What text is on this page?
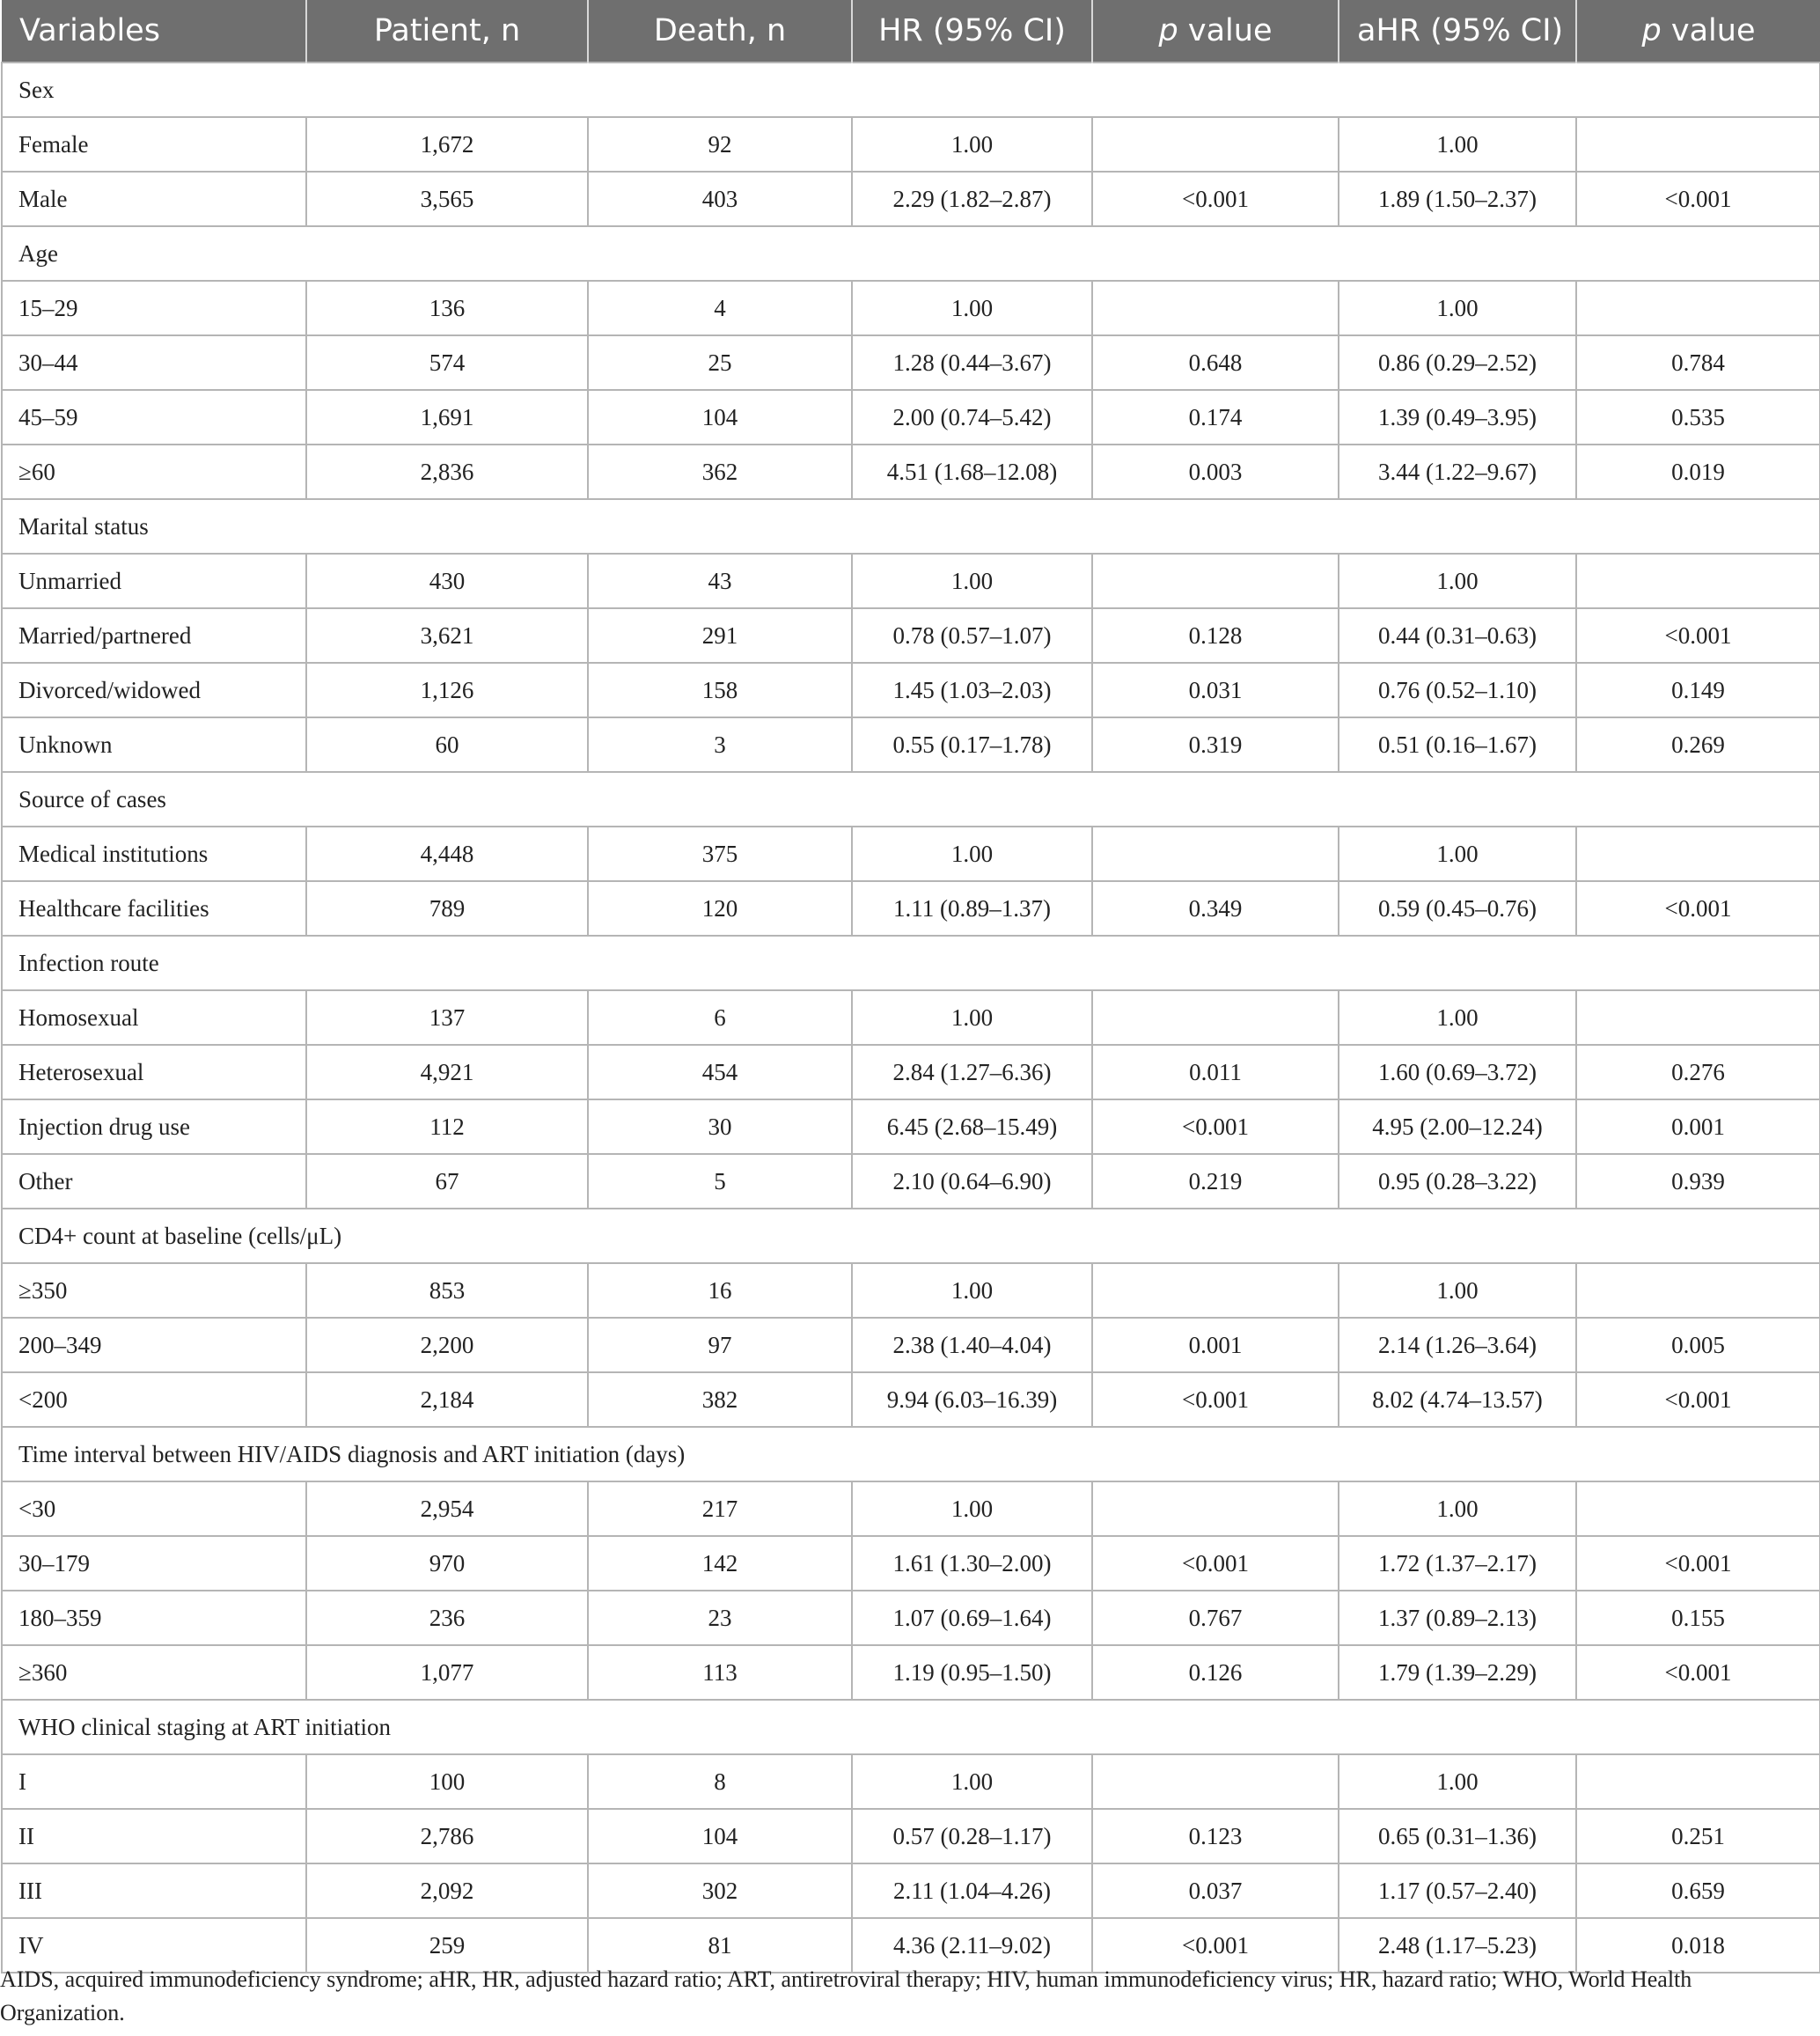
Variables	Patient, n	Death, n	HR (95% CI)	p value	aHR (95% CI)	p value
Sex						
Female	1,672	92	1.00		1.00	
Male	3,565	403	2.29 (1.82–2.87)	<0.001	1.89 (1.50–2.37)	<0.001
Age						
15–29	136	4	1.00		1.00	
30–44	574	25	1.28 (0.44–3.67)	0.648	0.86 (0.29–2.52)	0.784
45–59	1,691	104	2.00 (0.74–5.42)	0.174	1.39 (0.49–3.95)	0.535
≥60	2,836	362	4.51 (1.68–12.08)	0.003	3.44 (1.22–9.67)	0.019
Marital status						
Unmarried	430	43	1.00		1.00	
Married/partnered	3,621	291	0.78 (0.57–1.07)	0.128	0.44 (0.31–0.63)	<0.001
Divorced/widowed	1,126	158	1.45 (1.03–2.03)	0.031	0.76 (0.52–1.10)	0.149
Unknown	60	3	0.55 (0.17–1.78)	0.319	0.51 (0.16–1.67)	0.269
Source of cases						
Medical institutions	4,448	375	1.00		1.00	
Healthcare facilities	789	120	1.11 (0.89–1.37)	0.349	0.59 (0.45–0.76)	<0.001
Infection route						
Homosexual	137	6	1.00		1.00	
Heterosexual	4,921	454	2.84 (1.27–6.36)	0.011	1.60 (0.69–3.72)	0.276
Injection drug use	112	30	6.45 (2.68–15.49)	<0.001	4.95 (2.00–12.24)	0.001
Other	67	5	2.10 (0.64–6.90)	0.219	0.95 (0.28–3.22)	0.939
CD4+ count at baseline (cells/μL)						
≥350	853	16	1.00		1.00	
200–349	2,200	97	2.38 (1.40–4.04)	0.001	2.14 (1.26–3.64)	0.005
<200	2,184	382	9.94 (6.03–16.39)	<0.001	8.02 (4.74–13.57)	<0.001
Time interval between HIV/AIDS diagnosis and ART initiation (days)						
<30	2,954	217	1.00		1.00	
30–179	970	142	1.61 (1.30–2.00)	<0.001	1.72 (1.37–2.17)	<0.001
180–359	236	23	1.07 (0.69–1.64)	0.767	1.37 (0.89–2.13)	0.155
≥360	1,077	113	1.19 (0.95–1.50)	0.126	1.79 (1.39–2.29)	<0.001
WHO clinical staging at ART initiation						
I	100	8	1.00		1.00	
II	2,786	104	0.57 (0.28–1.17)	0.123	0.65 (0.31–1.36)	0.251
III	2,092	302	2.11 (1.04–4.26)	0.037	1.17 (0.57–2.40)	0.659
IV	259	81	4.36 (2.11–9.02)	<0.001	2.48 (1.17–5.23)	0.018
AIDS, acquired immunodeficiency syndrome; aHR, HR, adjusted hazard ratio; ART, antiretroviral therapy; HIV, human immunodeficiency virus; HR, hazard ratio; WHO, World Health Organization.
